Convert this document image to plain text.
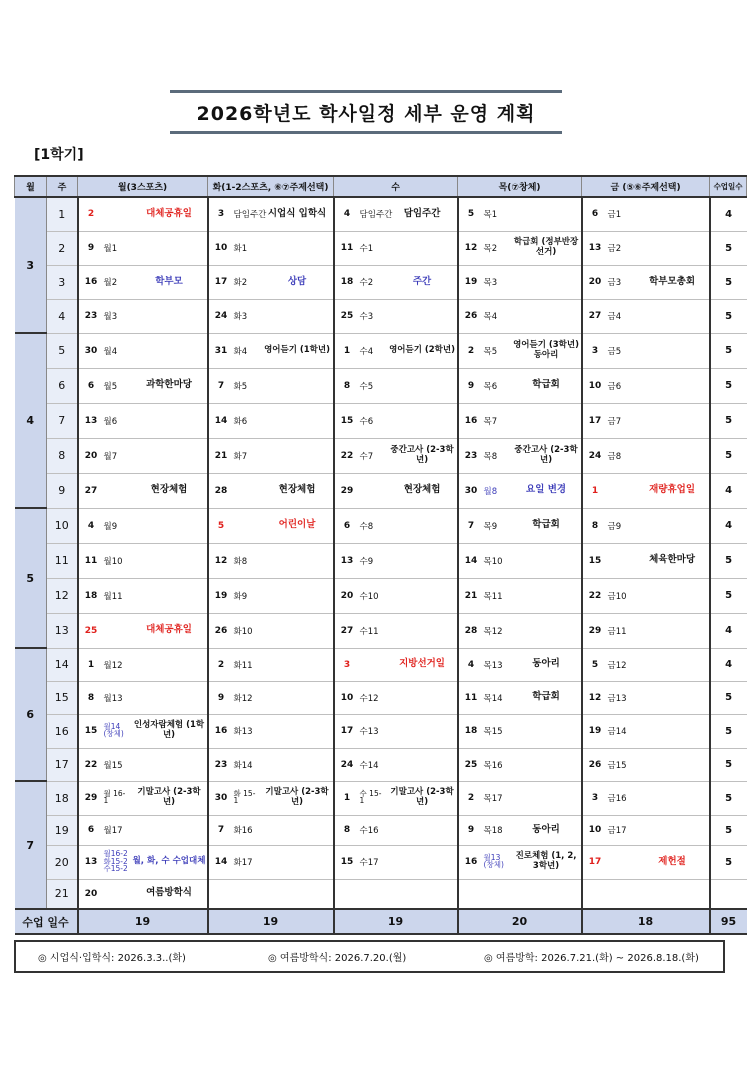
2026학년도 학사일정 세부 운영 계획
[1학기]
월	주	월(3스포츠)			화(1-2스포츠, ⑥⑦주제선택)			수			목(⑦창체)			금 (⑤⑥주제선택)			수업일수
3	1	2		대체공휴일	3	담임주간	시업식 입학식	4	담임주간	담임주간	5	목1		6	금1		4
	2	9	월1		10	화1		11	수1		12	목2	학급회 (정부반장선거)	13	금2		5
	3	16	월2	학부모	17	화2	상담	18	수2	주간	19	목3		20	금3	학부모총회	5
	4	23	월3		24	화3		25	수3		26	목4		27	금4		5
4	5	30	월4		31	화4	영어듣기 (1학년)	1	수4	영어듣기 (2학년)	2	목5	영어듣기 (3학년) 동아리	3	금5		5
	6	6	월5	과학한마당	7	화5		8	수5		9	목6	학급회	10	금6		5
	7	13	월6		14	화6		15	수6		16	목7		17	금7		5
	8	20	월7		21	화7		22	수7	중간고사 (2-3학년)	23	목8	중간고사 (2-3학년)	24	금8		5
	9	27		현장체험	28		현장체험	29		현장체험	30	월8	요일 변경	1		재량휴업일	4
5	10	4	월9		5		어린이날	6	수8		7	목9	학급회	8	금9		4
	11	11	월10		12	화8		13	수9		14	목10		15		체육한마당	5
	12	18	월11		19	화9		20	수10		21	목11		22	금10		5
	13	25		대체공휴일	26	화10		27	수11		28	목12		29	금11		4
6	14	1	월12		2	화11		3		지방선거일	4	목13	동아리	5	금12		4
	15	8	월13		9	화12		10	수12		11	목14	학급회	12	금13		5
	16	15	월14 (창체)	인성자람체험 (1학년)	16	화13		17	수13		18	목15		19	금14		5
	17	22	월15		23	화14		24	수14		25	목16		26	금15		5
7	18	29	월 16-1	기말고사 (2-3학년)	30	화 15-1	기말고사 (2-3학년)	1	수 15-1	기말고사 (2-3학년)	2	목17		3	금16		5
	19	6	월17		7	화16		8	수16		9	목18	동아리	10	금17		5
	20	13	월16-2 화15-2 수15-2	월, 화, 수 수업대체	14	화17		15	수17		16	월13 (창체)	진로체험 (1, 2, 3학년)	17		제헌절	5
	21	20		여름방학식													
수업 일수		19			19			19			20			18			95
◎ 시업식·입학식: 2026.3.3..(화)	◎ 여름방학식: 2026.7.20.(월)	◎ 여름방학: 2026.7.21.(화) ~ 2026.8.18.(화)
